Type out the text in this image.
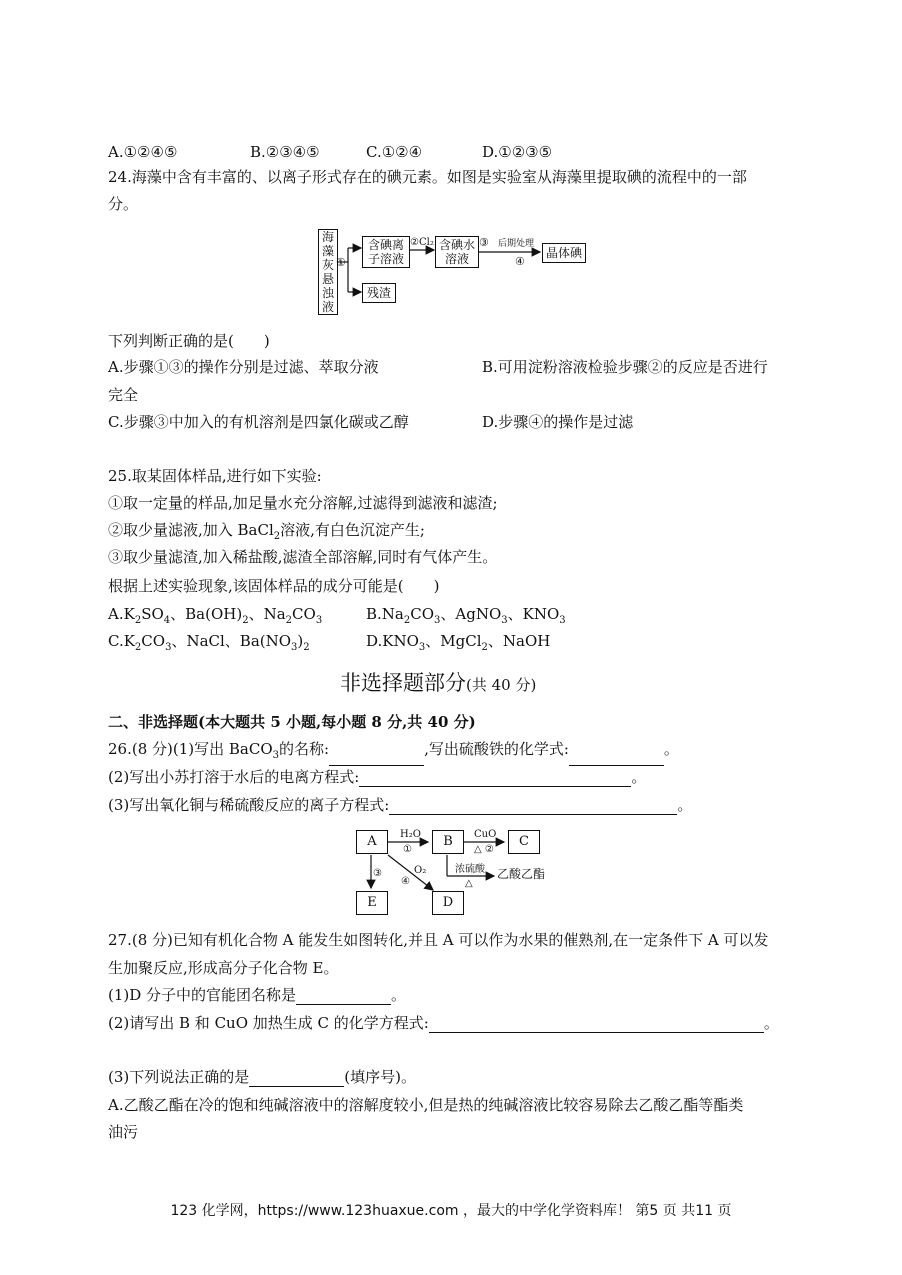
A.①②④⑤	B.②③④⑤	C.①②④	D.①②③⑤
24.海藻中含有丰富的、以离子形式存在的碘元素。如图是实验室从海藻里提取碘的流程中的一部
分。
海藻灰悬浊液
含碘离子溶液
含碘水溶液	晶体碘
残渣
①
②Cl₂	③ 后期处理
④
下列判断正确的是(　　)
A.步骤①③的操作分别是过滤、萃取分液	B.可用淀粉溶液检验步骤②的反应是否进行
完全
C.步骤③中加入的有机溶剂是四氯化碳或乙醇	D.步骤④的操作是过滤
25.取某固体样品,进行如下实验:
①取一定量的样品,加足量水充分溶解,过滤得到滤液和滤渣;
②取少量滤液,加入 BaCl$_2$溶液,有白色沉淀产生;
③取少量滤渣,加入稀盐酸,滤渣全部溶解,同时有气体产生。
根据上述实验现象,该固体样品的成分可能是(　　)
$A.K_2SO_4$、$Ba(OH)_2$、$Na_2CO_3$	$B.Na_2CO_3$、AgNO$_3$、$KNO_3$
$C.K_2CO_3$、NaCl、$Ba(NO_3)_2$	$D.KNO_3$、MgCl$_2$、NaOH
非选择题部分(共 40 分)
二、非选择题(本大题共 5 小题,每小题 8 分,共 40 分)
26.(8 分)(1)写出 BaCO$_3$的名称:	,写出硫酸铁的化学式:	。
(2)写出小苏打溶于水后的电离方程式:	。
(3)写出氧化铜与稀硫酸反应的离子方程式:	。
A	B	C
E	D
H₂O
①
CuO
△ ②
③	O₂
④
浓硫酸
△
乙酸乙酯
27.(8 分)已知有机化合物 A 能发生如图转化,并且 A 可以作为水果的催熟剂,在一定条件下 A 可以发
生加聚反应,形成高分子化合物 E。
(1)D 分子中的官能团名称是	。
(2)请写出 B 和 CuO 加热生成 C 的化学方程式:	。
(3)下列说法正确的是	(填序号)。
A.乙酸乙酯在冷的饱和纯碱溶液中的溶解度较小,但是热的纯碱溶液比较容易除去乙酸乙酯等酯类
油污
123 化学网，https://www.123huaxue.com ，最大的中学化学资料库！ 第5 页 共11 页
